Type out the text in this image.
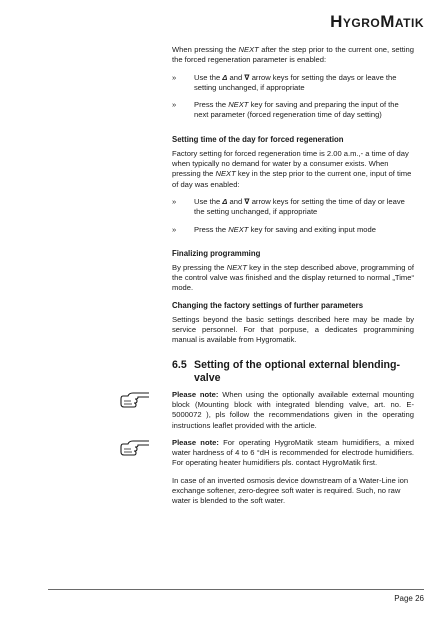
HYGROMATIK

When pressing the NEXT after the step prior to the current one, setting the forced regeneration parameter is enabled:

»	Use the Δ and ∇ arrow keys for setting the days or leave the setting unchanged, if appropriate
»	Press the NEXT key for saving and preparing the input of the next parameter (forced regeneration time of day setting)
Setting time of the day for forced regeneration

Factory setting for forced regeneration time is 2.00 a.m.,- a time of day when typically no demand for water by a consumer exists. When pressing the NEXT key in the step prior to the current one, input of time of day was enabled:

»	Use the Δ and ∇ arrow keys for setting the time of day or leave the setting unchanged, if appropriate
»	Press the NEXT key for saving and exiting input mode
Finalizing programming

By pressing the NEXT key in the step described above, programming of the control valve was finished and the display returned to normal „Time“ mode.

Changing the factory settings of further parameters

Settings beyond the basic settings described here may be made by service personnel. For that porpuse, a dedicates programmining manual is available from Hygromatik.

6.5 Setting of the optional external blending-valve
Please note: When using the optionally available external mounting block (Mounting block with integrated blending valve, art. no. E-5000072 ), pls follow the recommendations given in the operating instructions leaflet provided with the article.
Please note: For operating HygroMatik steam humidifiers, a mixed water hardness of 4 to 6 °dH is recommended for electrode humidifiers. For operating heater humidifiers pls. contact HygroMatik first.

In case of an inverted osmosis device downstream of a Water-Line ion exchange softener, zero-degree soft water is required. Such, no raw water is blended to the soft water.

Page 26
